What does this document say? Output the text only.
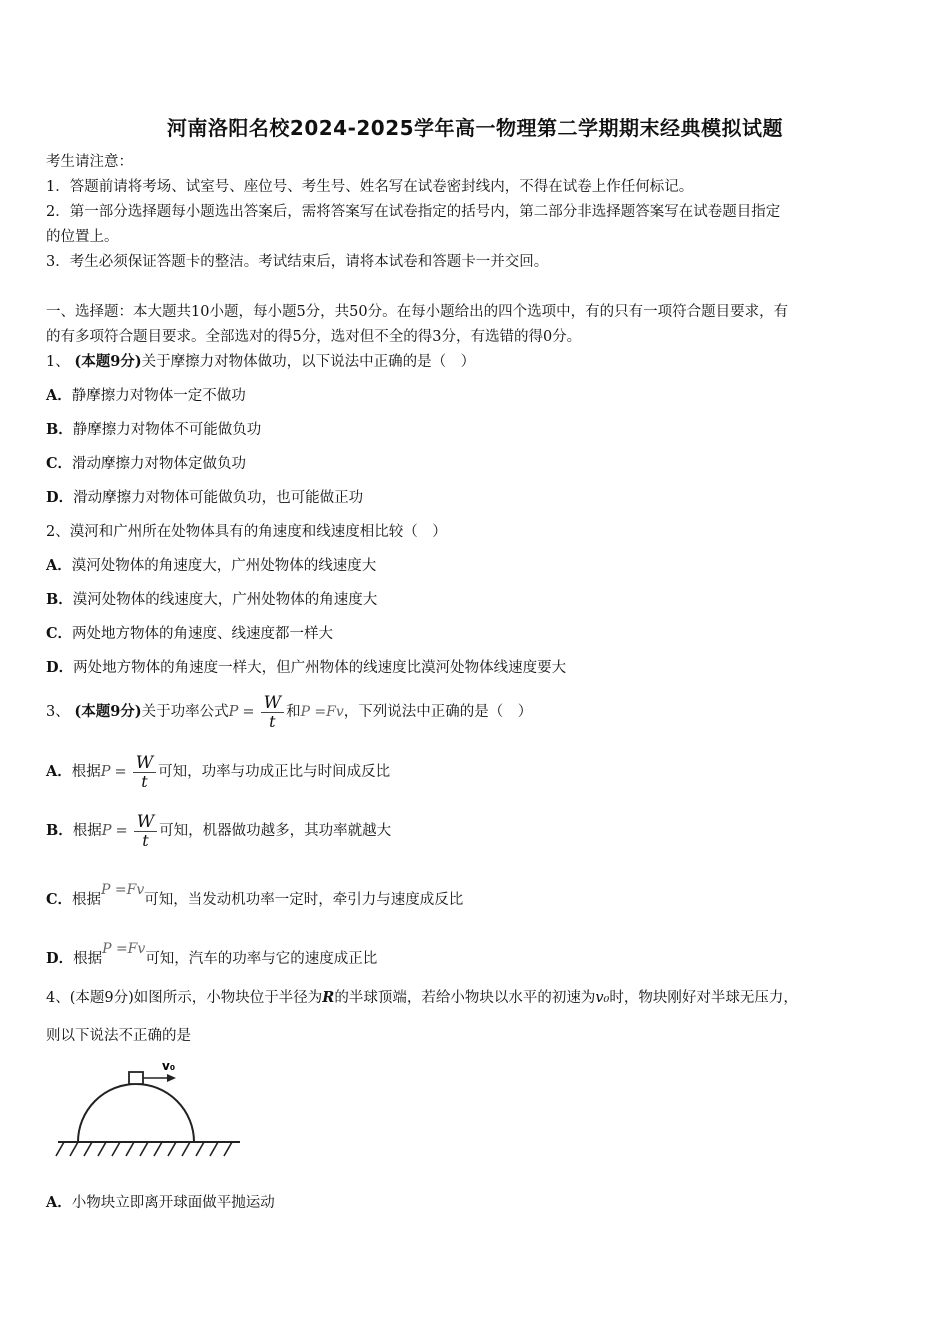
河南洛阳名校2024-2025学年高一物理第二学期期末经典模拟试题
考生请注意：
1．答题前请将考场、试室号、座位号、考生号、姓名写在试卷密封线内，不得在试卷上作任何标记。
2．第一部分选择题每小题选出答案后，需将答案写在试卷指定的括号内，第二部分非选择题答案写在试卷题目指定
的位置上。
3．考生必须保证答题卡的整洁。考试结束后，请将本试卷和答题卡一并交回。
一、选择题：本大题共10小题，每小题5分，共50分。在每小题给出的四个选项中，有的只有一项符合题目要求，有
的有多项符合题目要求。全部选对的得5分，选对但不全的得3分，有选错的得0分。
1、 (本题9分)关于摩擦力对物体做功，以下说法中正确的是（　）
A．静摩擦力对物体一定不做功
B．静摩擦力对物体不可能做负功
C．滑动摩擦力对物体定做负功
D．滑动摩擦力对物体可能做负功，也可能做正功
2、漠河和广州所在处物体具有的角速度和线速度相比较（　）
A．漠河处物体的角速度大，广州处物体的线速度大
B．漠河处物体的线速度大，广州处物体的角速度大
C．两处地方物体的角速度、线速度都一样大
D．两处地方物体的角速度一样大，但广州物体的线速度比漠河处物体线速度要大
3、 (本题9分)关于功率公式$P = \frac{W}{t}$ 和P =Fv，下列说法中正确的是（　）
A．根据$P = \frac{W}{t}$ 可知，功率与功成正比与时间成反比
B．根据$P = \frac{W}{t}$ 可知，机器做功越多，其功率就越大
C．根据P =Fv可知，当发动机功率一定时，牵引力与速度成反比
D．根据P =Fv可知，汽车的功率与它的速度成正比
4、(本题9分)如图所示，小物块位于半径为R的半球顶端，若给小物块以水平的初速为v₀时，物块刚好对半球无压力，
则以下说法不正确的是
v₀
A．小物块立即离开球面做平抛运动
